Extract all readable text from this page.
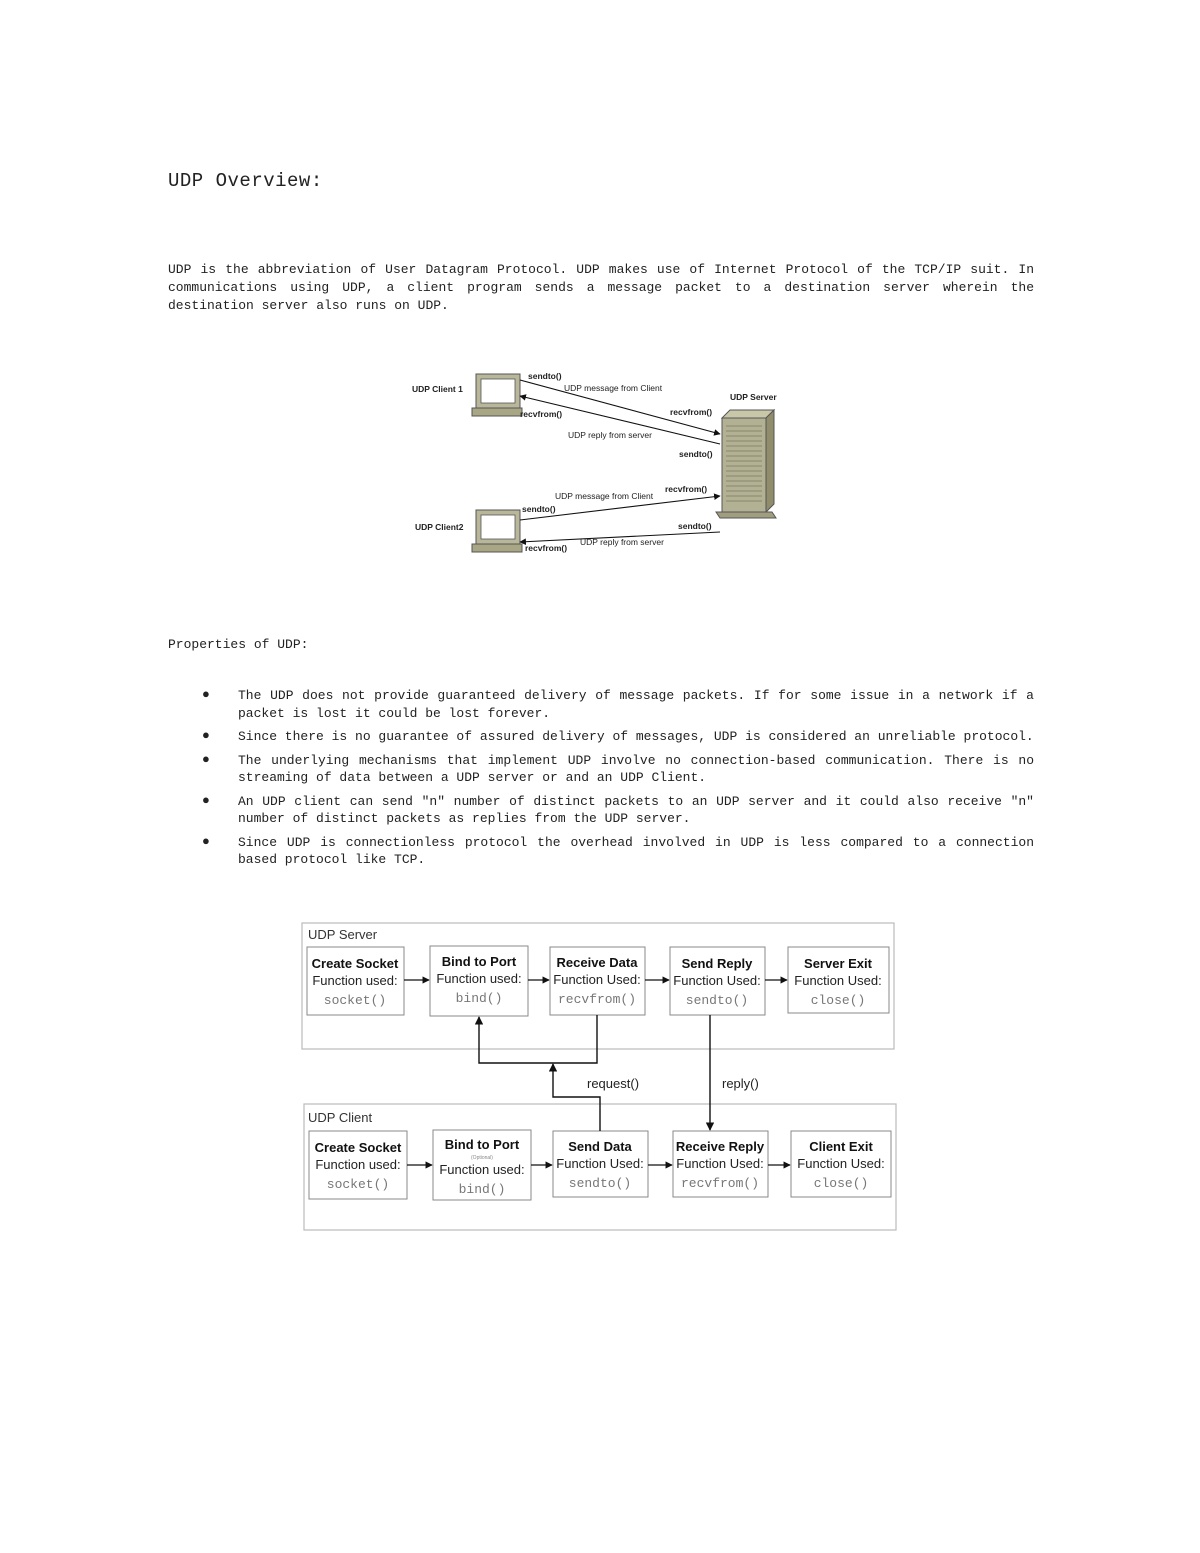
UDP Overview:

UDP is the abbreviation of User Datagram Protocol. UDP makes use of Internet Protocol of the TCP/IP suit. In communications using UDP, a client program sends a message packet to a destination server wherein the destination server also runs on UDP.

UDP Client 1
UDP Client2
UDP Server
sendto()
UDP message from Client
recvfrom()
recvfrom()
UDP reply from server
sendto()
sendto()
UDP message from Client
recvfrom()
sendto()
UDP reply from server
recvfrom()
Properties of UDP:
● The UDP does not provide guaranteed delivery of message packets. If for some issue in a network if a packet is lost it could be lost forever.
● Since there is no guarantee of assured delivery of messages, UDP is considered an unreliable protocol.
● The underlying mechanisms that implement UDP involve no connection-based communication. There is no streaming of data between a UDP server or and an UDP Client.
● An UDP client can send "n" number of distinct packets to an UDP server and it could also receive "n" number of distinct packets as replies from the UDP server.
● Since UDP is connectionless protocol the overhead involved in UDP is less compared to a connection based protocol like TCP.
UDP Server
UDP Client
Create Socket
Function used:
socket()
Bind to Port
Function used:
bind()
Receive Data
Function Used:
recvfrom()
Send Reply
Function Used:
sendto()
Server Exit
Function Used:
close()
Create Socket
Function used:
socket()
Bind to Port
(Optional)
Function used:
bind()
Send Data
Function Used:
sendto()
Receive Reply
Function Used:
recvfrom()
Client Exit
Function Used:
close()
request()	reply()
